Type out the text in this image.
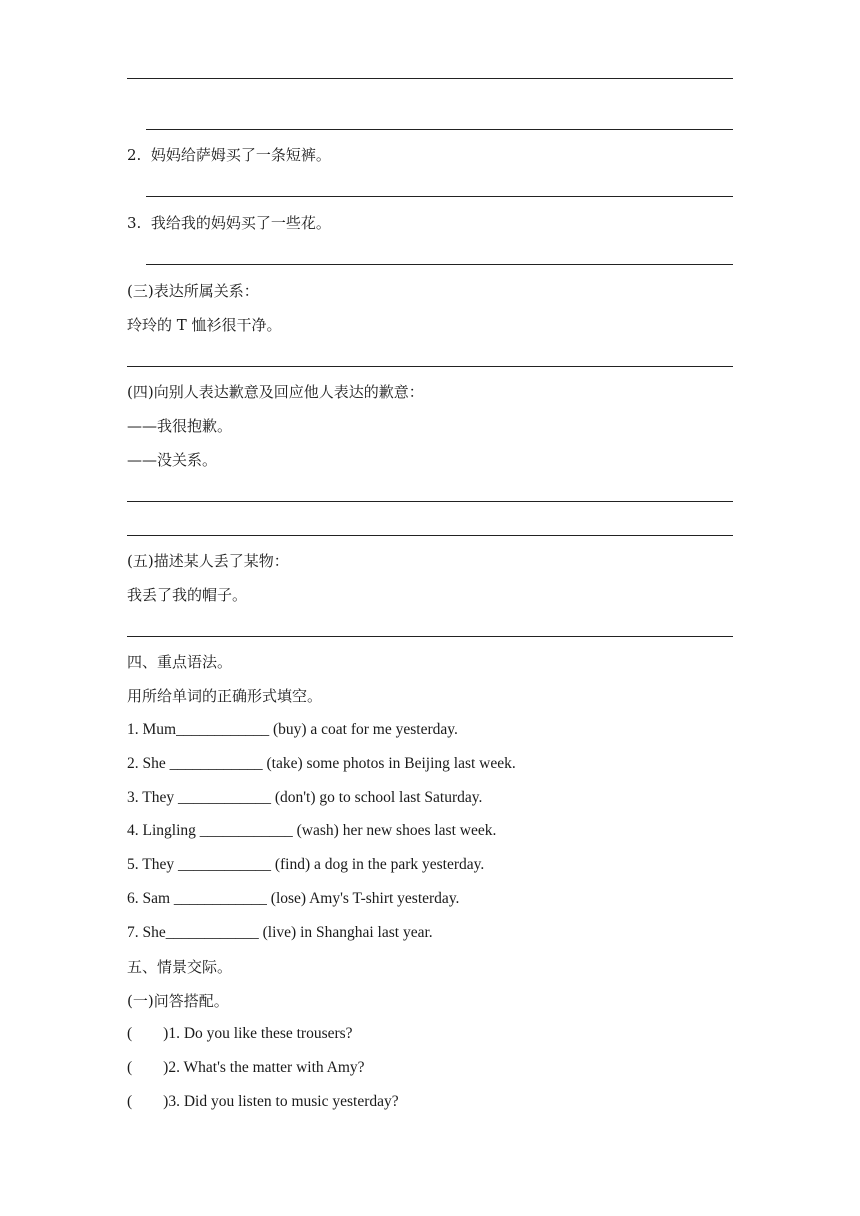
2.  妈妈给萨姆买了一条短裤。
3.  我给我的妈妈买了一些花。
(三)表达所属关系：
玲玲的 T 恤衫很干净。
(四)向别人表达歉意及回应他人表达的歉意：
——我很抱歉。
——没关系。
(五)描述某人丢了某物：
我丢了我的帽子。
四、重点语法。
用所给单词的正确形式填空。
1. Mum____________ (buy) a coat for me yesterday.
2. She ____________ (take) some photos in Beijing last week.
3. They ____________ (don't) go to school last Saturday.
4. Lingling ____________ (wash) her new shoes last week.
5. They ____________ (find) a dog in the park yesterday.
6. Sam ____________ (lose) Amy's T-shirt yesterday.
7. She____________ (live) in Shanghai last year.
五、情景交际。
(一)问答搭配。
(        )1. Do you like these trousers?
(        )2. What's the matter with Amy?
(        )3. Did you listen to music yesterday?
